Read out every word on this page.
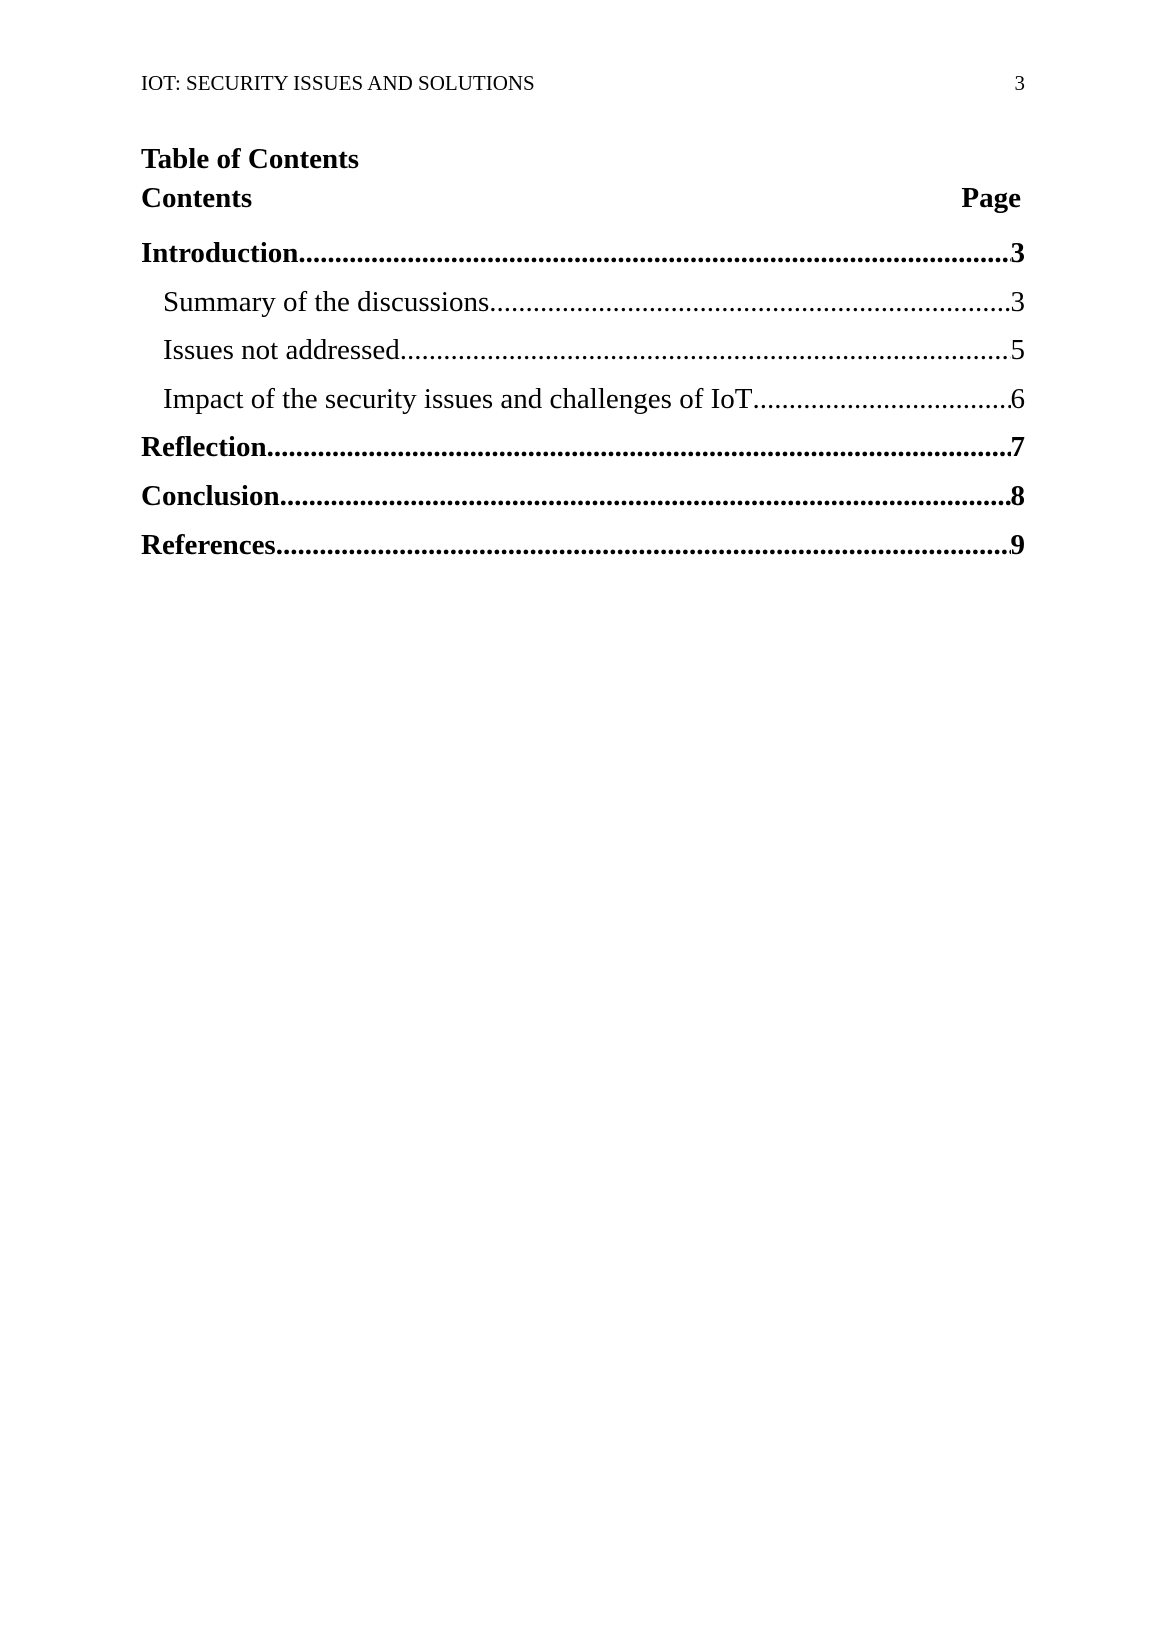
IOT: SECURITY ISSUES AND SOLUTIONS	3
Table of Contents
Contents	Page
Introduction .....	3
Summary of the discussions .....	3
Issues not addressed .....	5
Impact of the security issues and challenges of IoT .....	6
Reflection .....	7
Conclusion .....	8
References .....	9
